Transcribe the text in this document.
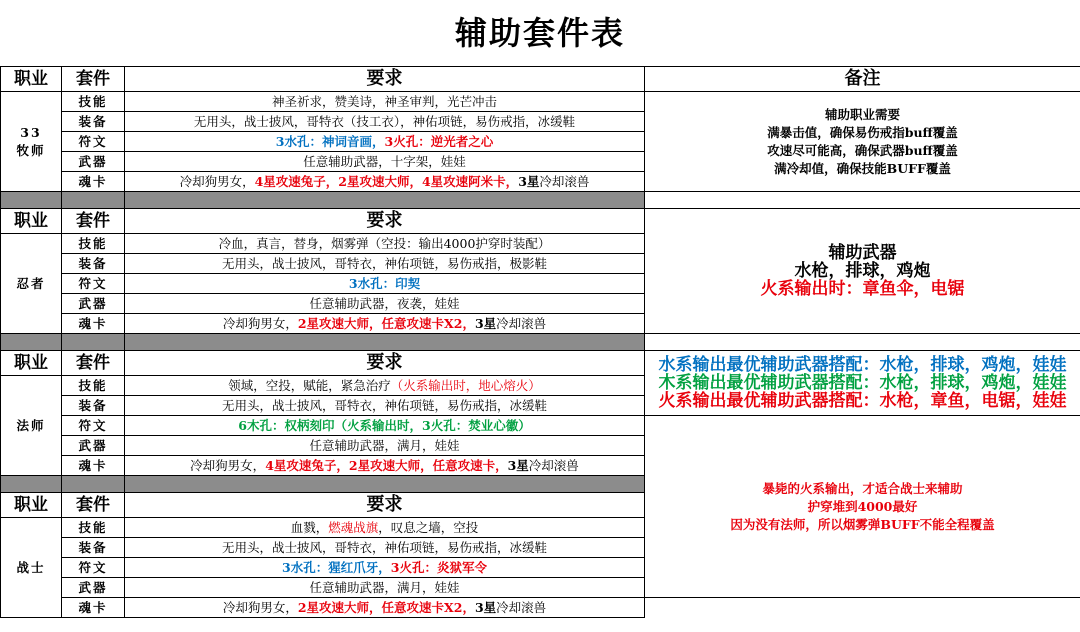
辅助套件表
职业	套件	要求	备注

33
牧师	技能	神圣祈求，赞美诗，神圣审判，光芒冲击	辅助职业需要
满暴击值，确保易伤戒指buff覆盖
攻速尽可能高，确保武器buff覆盖
满冷却值，确保技能BUFF覆盖

	装备	无用头，战士披风，哥特衣（技工衣），神佑项链，易伤戒指，冰缓鞋	
	符文	3水孔：神词音画，3火孔：逆光者之心	
	武器	任意辅助武器，十字架，娃娃	
	魂卡	冷却狗男女，4星攻速兔子，2星攻速大师，4星攻速阿米卡，3星冷却滚兽	

职业	套件	要求	辅助武器
水枪，排球，鸡炮
火系输出时：章鱼伞，电锯

忍者	技能	冷血，真言，替身，烟雾弹（空投：输出4000护穿时装配）	
	装备	无用头，战士披风，哥特衣，神佑项链，易伤戒指，极影鞋	
	符文	3水孔：印契	
	武器	任意辅助武器，夜袭，娃娃	
	魂卡	冷却狗男女，2星攻速大师，任意攻速卡X2，3星冷却滚兽	

职业	套件	要求	水系输出最优辅助武器搭配：水枪，排球，鸡炮，娃娃
木系输出最优辅助武器搭配：水枪，排球，鸡炮，娃娃
火系输出最优辅助武器搭配：水枪，章鱼，电锯，娃娃

法师	技能	领域，空投，赋能，紧急治疗（火系输出时，地心熔火）	
	装备	无用头，战士披风，哥特衣，神佑项链，易伤戒指，冰缓鞋	
	符文	6木孔：权柄刻印（火系输出时，3火孔：焚业心徽）	暴毙的火系输出，才适合战士来辅助
护穿堆到4000最好
因为没有法师，所以烟雾弹BUFF不能全程覆盖

	武器	任意辅助武器，满月，娃娃	
	魂卡	冷却狗男女，4星攻速兔子，2星攻速大师，任意攻速卡，3星冷却滚兽	

职业	套件	要求	
战士	技能	血戮，燃魂战旗，叹息之墙，空投	
	装备	无用头，战士披风，哥特衣，神佑项链，易伤戒指，冰缓鞋	
	符文	3水孔：猩红爪牙，3火孔：炎狱军令	
	武器	任意辅助武器，满月，娃娃	
	魂卡	冷却狗男女，2星攻速大师，任意攻速卡X2，3星冷却滚兽	
